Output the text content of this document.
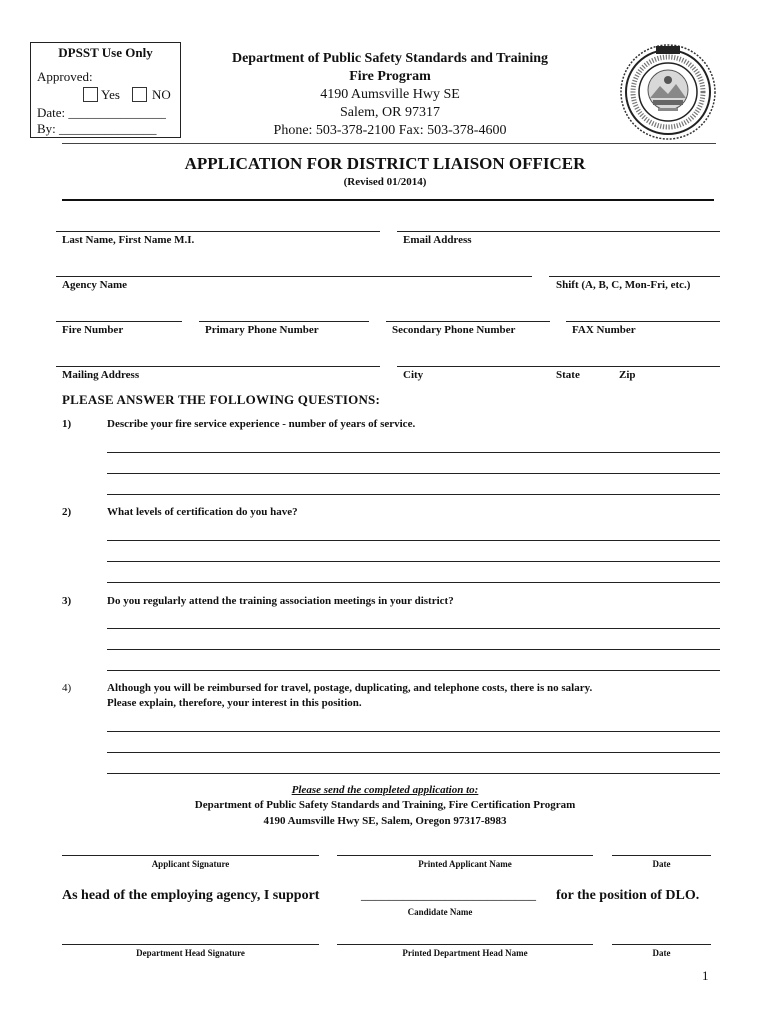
DPSST Use Only
Approved:
Yes NO
Date: _______________
By: _______________
Department of Public Safety Standards and Training
Fire Program
4190 Aumsville Hwy SE
Salem, OR 97317
Phone: 503-378-2100 Fax: 503-378-4600
APPLICATION FOR DISTRICT LIAISON OFFICER
(Revised 01/2014)
Last Name, First Name M.I.	Email Address
Agency Name	Shift (A, B, C, Mon-Fri, etc.)
Fire Number	Primary Phone Number	Secondary Phone Number	FAX Number
Mailing Address	City	State	Zip
PLEASE ANSWER THE FOLLOWING QUESTIONS:
1)	Describe your fire service experience - number of years of service.
2)	What levels of certification do you have?
3)	Do you regularly attend the training association meetings in your district?
4)	Although you will be reimbursed for travel, postage, duplicating, and telephone costs, there is no salary.
Please explain, therefore, your interest in this position.
Please send the completed application to:
Department of Public Safety Standards and Training, Fire Certification Program
4190 Aumsville Hwy SE, Salem, Oregon 97317-8983
Applicant Signature	Printed Applicant Name	Date
As head of the employing agency, I support	_________________________ for the position of DLO.
Candidate Name
Department Head Signature	Printed Department Head Name	Date
1
